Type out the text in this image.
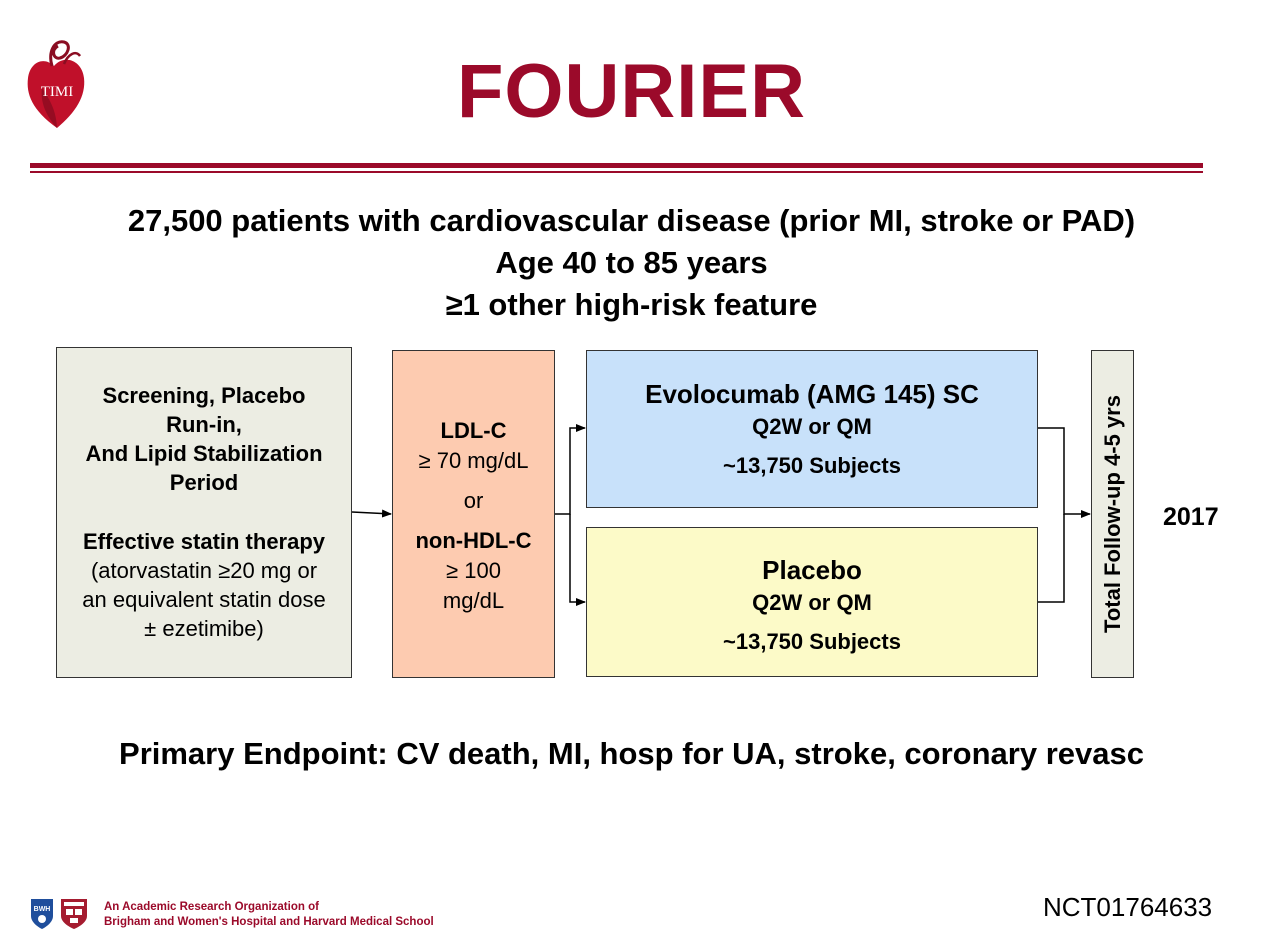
TIMI	FOURIER
27,500 patients with cardiovascular disease (prior MI, stroke or PAD)
Age 40 to 85 years
≥1 other high-risk feature
Screening, Placebo
Run-in,
And Lipid Stabilization
Period
Effective statin therapy
(atorvastatin ≥20 mg or
an equivalent statin dose
± ezetimibe)
LDL-C
≥ 70 mg/dL
or
non-HDL-C
≥ 100
mg/dL
Evolocumab (AMG 145) SC
Q2W or QM
~13,750 Subjects
Placebo
Q2W or QM
~13,750 Subjects
Total Follow-up 4-5 yrs 2017
Primary Endpoint: CV death, MI, hosp for UA, stroke, coronary revasc
BWH	An Academic Research Organization of
Brigham and Women's Hospital and Harvard Medical School	NCT01764633
